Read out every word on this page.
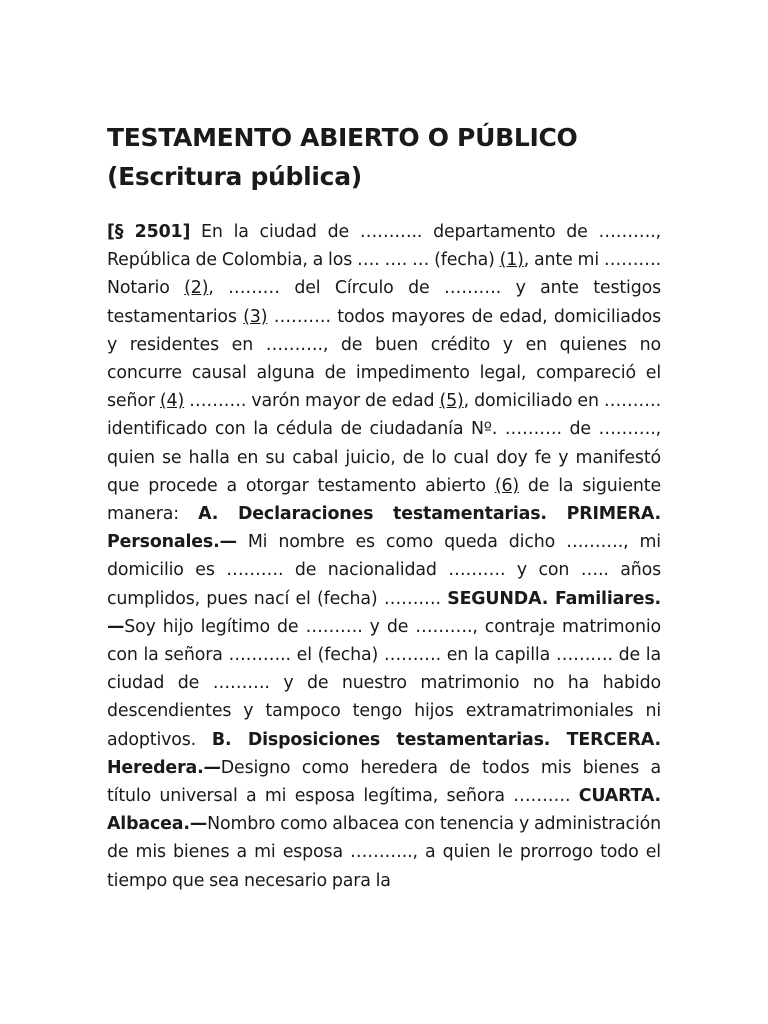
TESTAMENTO ABIERTO O PÚBLICO
(Escritura pública)

[§ 2501] En la ciudad de ……….. departamento de ………., República de Colombia, a los …. …. … (fecha) (1), ante mi ………. Notario (2), ……… del Círculo de ………. y ante testigos testamentarios (3) ………. todos mayores de edad, domiciliados y residentes en ………., de buen crédito y en quienes no concurre causal alguna de impedimento legal, compareció el señor (4) ………. varón mayor de edad (5), domiciliado en ………. identificado con la cédula de ciudadanía Nº. ………. de ………., quien se halla en su cabal juicio, de lo cual doy fe y manifestó que procede a otorgar testamento abierto (6) de la siguiente manera: A. Declaraciones testamentarias. PRIMERA. Personales.— Mi nombre es como queda dicho ………., mi domicilio es ………. de nacionalidad ………. y con ….. años cumplidos, pues nací el (fecha) ………. SEGUNDA. Familiares.—Soy hijo legítimo de ………. y de ………., contraje matrimonio con la señora ……….. el (fecha) ………. en la capilla ………. de la ciudad de ………. y de nuestro matrimonio no ha habido descendientes y tampoco tengo hijos extramatrimoniales ni adoptivos. B. Disposiciones testamentarias. TERCERA. Heredera.—Designo como heredera de todos mis bienes a título universal a mi esposa legítima, señora ………. CUARTA. Albacea.—Nombro como albacea con tenencia y administración de mis bienes a mi esposa ……….., a quien le prorrogo todo el tiempo que sea necesario para la
